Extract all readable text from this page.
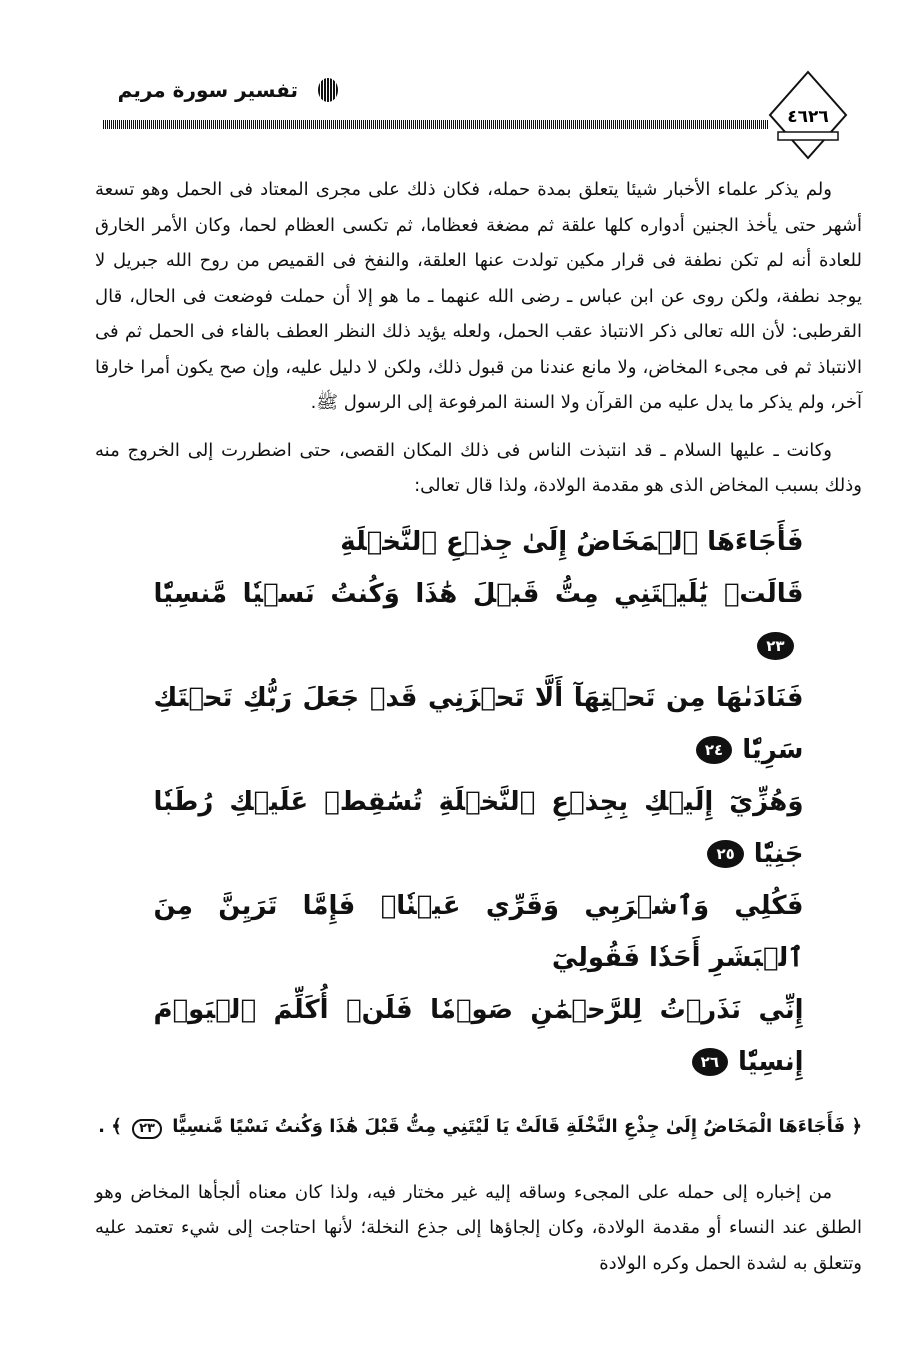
تفسير سورة مريم
٤٦٢٦

ولم يذكر علماء الأخبار شيئا يتعلق بمدة حمله، فكان ذلك على مجرى المعتاد فى الحمل وهو تسعة أشهر حتى يأخذ الجنين أدواره كلها علقة ثم مضغة فعظاما، ثم تكسى العظام لحما، وكان الأمر الخارق للعادة أنه لم تكن نطفة فى قرار مكين تولدت عنها العلقة، والنفخ فى القميص من روح الله جبريل لا يوجد نطفة، ولكن روى عن ابن عباس ـ رضى الله عنهما ـ ما هو إلا أن حملت فوضعت فى الحال، قال القرطبى: لأن الله تعالى ذكر الانتباذ عقب الحمل، ولعله يؤيد ذلك النظر العطف بالفاء فى الحمل ثم فى الانتباذ ثم فى مجىء المخاض، ولا مانع عندنا من قبول ذلك، ولكن لا دليل عليه، وإن صح يكون أمرا خارقا آخر، ولم يذكر ما يدل عليه من القرآن ولا السنة المرفوعة إلى الرسول ﷺ.

وكانت ـ عليها السلام ـ قد انتبذت الناس فى ذلك المكان القصى، حتى اضطررت إلى الخروج منه وذلك بسبب المخاض الذى هو مقدمة الولادة، ولذا قال تعالى:

فَأَجَاءَهَا ٱلۡمَخَاضُ إِلَىٰ جِذۡعِ ٱلنَّخۡلَةِ
قَالَتۡ يَٰلَيۡتَنِي مِتُّ قَبۡلَ هَٰذَا وَكُنتُ نَسۡيٗا مَّنسِيّٗا٢٣
فَنَادَىٰهَا مِن تَحۡتِهَآ أَلَّا تَحۡزَنِي قَدۡ جَعَلَ رَبُّكِ تَحۡتَكِ سَرِيّٗا٢٤
وَهُزِّيٓ إِلَيۡكِ بِجِذۡعِ ٱلنَّخۡلَةِ تُسَٰقِطۡ عَلَيۡكِ رُطَبٗا جَنِيّٗا٢٥
فَكُلِي وَٱشۡرَبِي وَقَرِّي عَيۡنٗاۖ فَإِمَّا تَرَيِنَّ مِنَ ٱلۡبَشَرِ أَحَدٗا فَقُولِيٓ
إِنِّي نَذَرۡتُ لِلرَّحۡمَٰنِ صَوۡمٗا فَلَنۡ أُكَلِّمَ ٱلۡيَوۡمَ إِنسِيّٗا٢٦

﴿ فَأَجَاءَهَا الْمَخَاضُ إِلَىٰ جِذْعِ النَّخْلَةِ قَالَتْ يَا لَيْتَنِي مِتُّ قَبْلَ هَٰذَا وَكُنتُ نَسْيًا مَّنسِيًّا ٢٣ ﴾ .

من إخباره إلى حمله على المجىء وساقه إليه غير مختار فيه، ولذا كان معناه ألجأها المخاض وهو الطلق عند النساء أو مقدمة الولادة، وكان إلجاؤها إلى جذع النخلة؛ لأنها احتاجت إلى شيء تعتمد عليه وتتعلق به لشدة الحمل وكره الولادة
